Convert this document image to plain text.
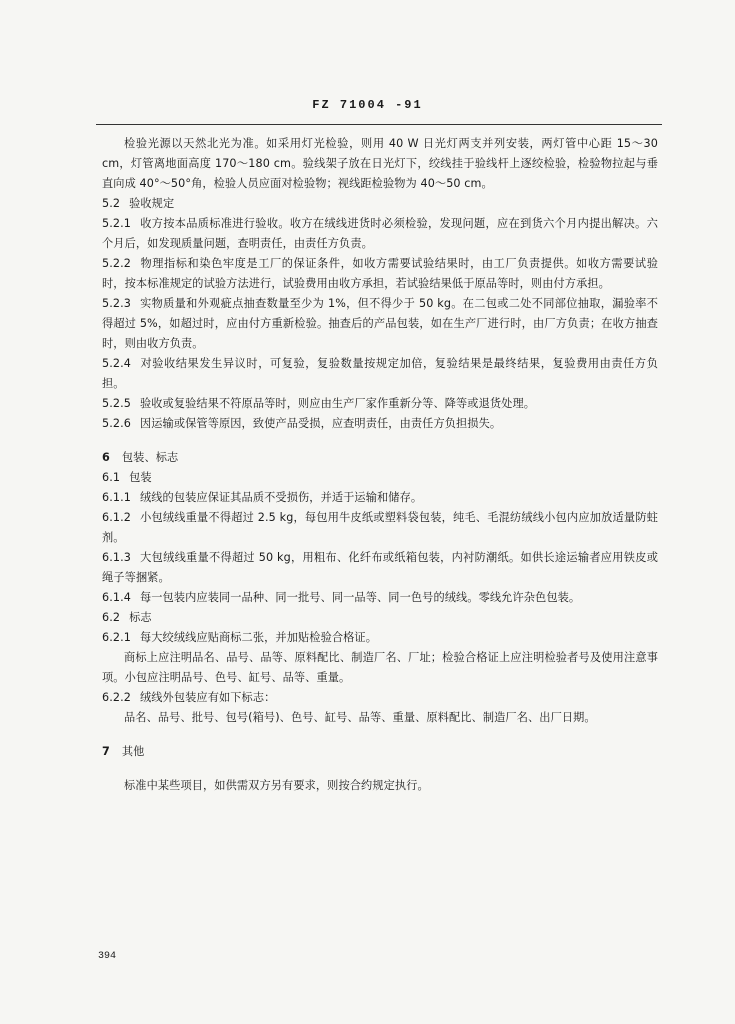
FZ 71004 -91

检验光源以天然北光为准。如采用灯光检验，则用 40 W 日光灯两支并列安装，两灯管中心距 15～30 cm，灯管离地面高度 170～180 cm。验线架子放在日光灯下，绞线挂于验线杆上逐绞检验，检验物拉起与垂直向成 40°～50°角，检验人员应面对检验物；视线距检验物为 40～50 cm。

5.2 验收规定

5.2.1 收方按本品质标准进行验收。收方在绒线进货时必须检验，发现问题，应在到货六个月内提出解决。六个月后，如发现质量问题，查明责任，由责任方负责。

5.2.2 物理指标和染色牢度是工厂的保证条件，如收方需要试验结果时，由工厂负责提供。如收方需要试验时，按本标准规定的试验方法进行，试验费用由收方承担，若试验结果低于原品等时，则由付方承担。

5.2.3 实物质量和外观疵点抽查数量至少为 1%，但不得少于 50 kg。在二包或二处不同部位抽取，漏验率不得超过 5%，如超过时，应由付方重新检验。抽查后的产品包装，如在生产厂进行时，由厂方负责；在收方抽查时，则由收方负责。

5.2.4 对验收结果发生异议时，可复验，复验数量按规定加倍，复验结果是最终结果，复验费用由责任方负担。

5.2.5 验收或复验结果不符原品等时，则应由生产厂家作重新分等、降等或退货处理。

5.2.6 因运输或保管等原因，致使产品受损，应查明责任，由责任方负担损失。

6 包装、标志

6.1 包装

6.1.1 绒线的包装应保证其品质不受损伤，并适于运输和储存。

6.1.2 小包绒线重量不得超过 2.5 kg，每包用牛皮纸或塑料袋包装，纯毛、毛混纺绒线小包内应加放适量防蛀剂。

6.1.3 大包绒线重量不得超过 50 kg，用粗布、化纤布或纸箱包装，内衬防潮纸。如供长途运输者应用铁皮或绳子等捆紧。

6.1.4 每一包装内应装同一品种、同一批号、同一品等、同一色号的绒线。零线允许杂色包装。

6.2 标志

6.2.1 每大绞绒线应贴商标二张，并加贴检验合格证。

商标上应注明品名、品号、品等、原料配比、制造厂名、厂址；检验合格证上应注明检验者号及使用注意事项。小包应注明品号、色号、缸号、品等、重量。

6.2.2 绒线外包装应有如下标志：

品名、品号、批号、包号(箱号)、色号、缸号、品等、重量、原料配比、制造厂名、出厂日期。

7 其他

标准中某些项目，如供需双方另有要求，则按合约规定执行。

394
